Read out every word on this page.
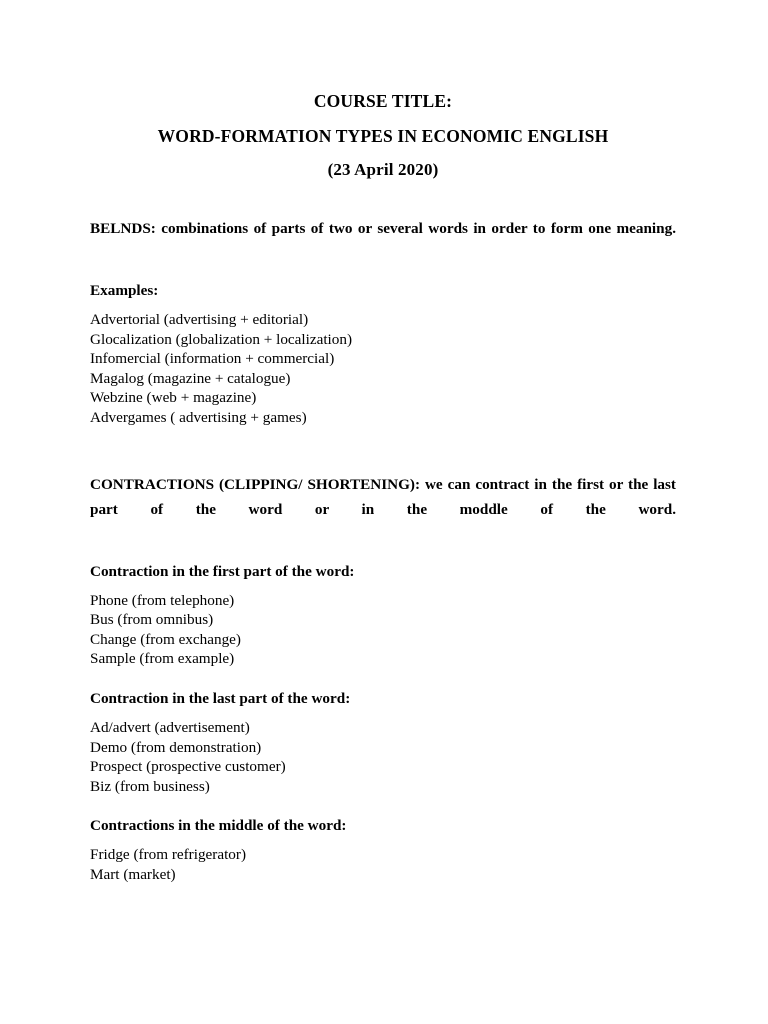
COURSE TITLE:
WORD-FORMATION TYPES IN ECONOMIC ENGLISH
(23 April 2020)

BELNDS: combinations of parts of two or several words in order to form one meaning.

Examples:

Advertorial (advertising + editorial)
Glocalization (globalization + localization)
Infomercial (information + commercial)
Magalog (magazine + catalogue)
Webzine (web + magazine)
Advergames ( advertising + games)

CONTRACTIONS (CLIPPING/ SHORTENING): we can contract in the first or the last part of the word or in the moddle of the word.

Contraction in the first part of the word:

Phone (from telephone)
Bus (from omnibus)
Change (from exchange)
Sample (from example)

Contraction in the last part of the word:

Ad/advert (advertisement)
Demo (from demonstration)
Prospect (prospective customer)
Biz (from business)

Contractions in the middle of the word:

Fridge (from refrigerator)
Mart (market)
